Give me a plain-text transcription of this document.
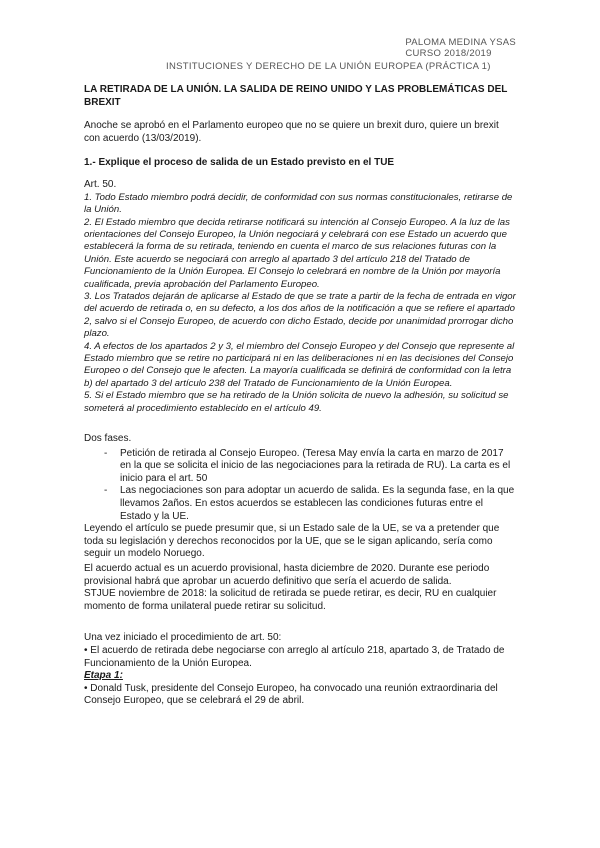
PALOMA MEDINA YSAS
CURSO 2018/2019
INSTITUCIONES Y DERECHO DE LA UNIÓN EUROPEA (PRÁCTICA 1)

LA RETIRADA DE LA UNIÓN. LA SALIDA DE REINO UNIDO Y LAS PROBLEMÁTICAS DEL BREXIT

Anoche se aprobó en el Parlamento europeo que no se quiere un brexit duro, quiere un brexit con acuerdo (13/03/2019).

1.- Explique el proceso de salida de un Estado previsto en el TUE

Art. 50.

1. Todo Estado miembro podrá decidir, de conformidad con sus normas constitucionales, retirarse de la Unión.

2. El Estado miembro que decida retirarse notificará su intención al Consejo Europeo. A la luz de las orientaciones del Consejo Europeo, la Unión negociará y celebrará con ese Estado un acuerdo que establecerá la forma de su retirada, teniendo en cuenta el marco de sus relaciones futuras con la Unión. Este acuerdo se negociará con arreglo al apartado 3 del artículo 218 del Tratado de Funcionamiento de la Unión Europea. El Consejo lo celebrará en nombre de la Unión por mayoría cualificada, previa aprobación del Parlamento Europeo.

3. Los Tratados dejarán de aplicarse al Estado de que se trate a partir de la fecha de entrada en vigor del acuerdo de retirada o, en su defecto, a los dos años de la notificación a que se refiere el apartado 2, salvo si el Consejo Europeo, de acuerdo con dicho Estado, decide por unanimidad prorrogar dicho plazo.

4. A efectos de los apartados 2 y 3, el miembro del Consejo Europeo y del Consejo que represente al Estado miembro que se retire no participará ni en las deliberaciones ni en las decisiones del Consejo Europeo o del Consejo que le afecten. La mayoría cualificada se definirá de conformidad con la letra b) del apartado 3 del artículo 238 del Tratado de Funcionamiento de la Unión Europea.

5. Si el Estado miembro que se ha retirado de la Unión solicita de nuevo la adhesión, su solicitud se someterá al procedimiento establecido en el artículo 49.

Dos fases.

- Petición de retirada al Consejo Europeo. (Teresa May envía la carta en marzo de 2017 en la que se solicita el inicio de las negociaciones para la retirada de RU). La carta es el inicio para el art. 50
- Las negociaciones son para adoptar un acuerdo de salida. Es la segunda fase, en la que llevamos 2años. En estos acuerdos se establecen las condiciones futuras entre el Estado y la UE.

Leyendo el artículo se puede presumir que, si un Estado sale de la UE, se va a pretender que toda su legislación y derechos reconocidos por la UE, que se le sigan aplicando, sería como seguir un modelo Noruego.

El acuerdo actual es un acuerdo provisional, hasta diciembre de 2020. Durante ese periodo provisional habrá que aprobar un acuerdo definitivo que sería el acuerdo de salida.

STJUE noviembre de 2018: la solicitud de retirada se puede retirar, es decir, RU en cualquier momento de forma unilateral puede retirar su solicitud.

Una vez iniciado el procedimiento de art. 50:

• El acuerdo de retirada debe negociarse con arreglo al artículo 218, apartado 3, de Tratado de Funcionamiento de la Unión Europea.

Etapa 1:

• Donald Tusk, presidente del Consejo Europeo, ha convocado una reunión extraordinaria del Consejo Europeo, que se celebrará el 29 de abril.
